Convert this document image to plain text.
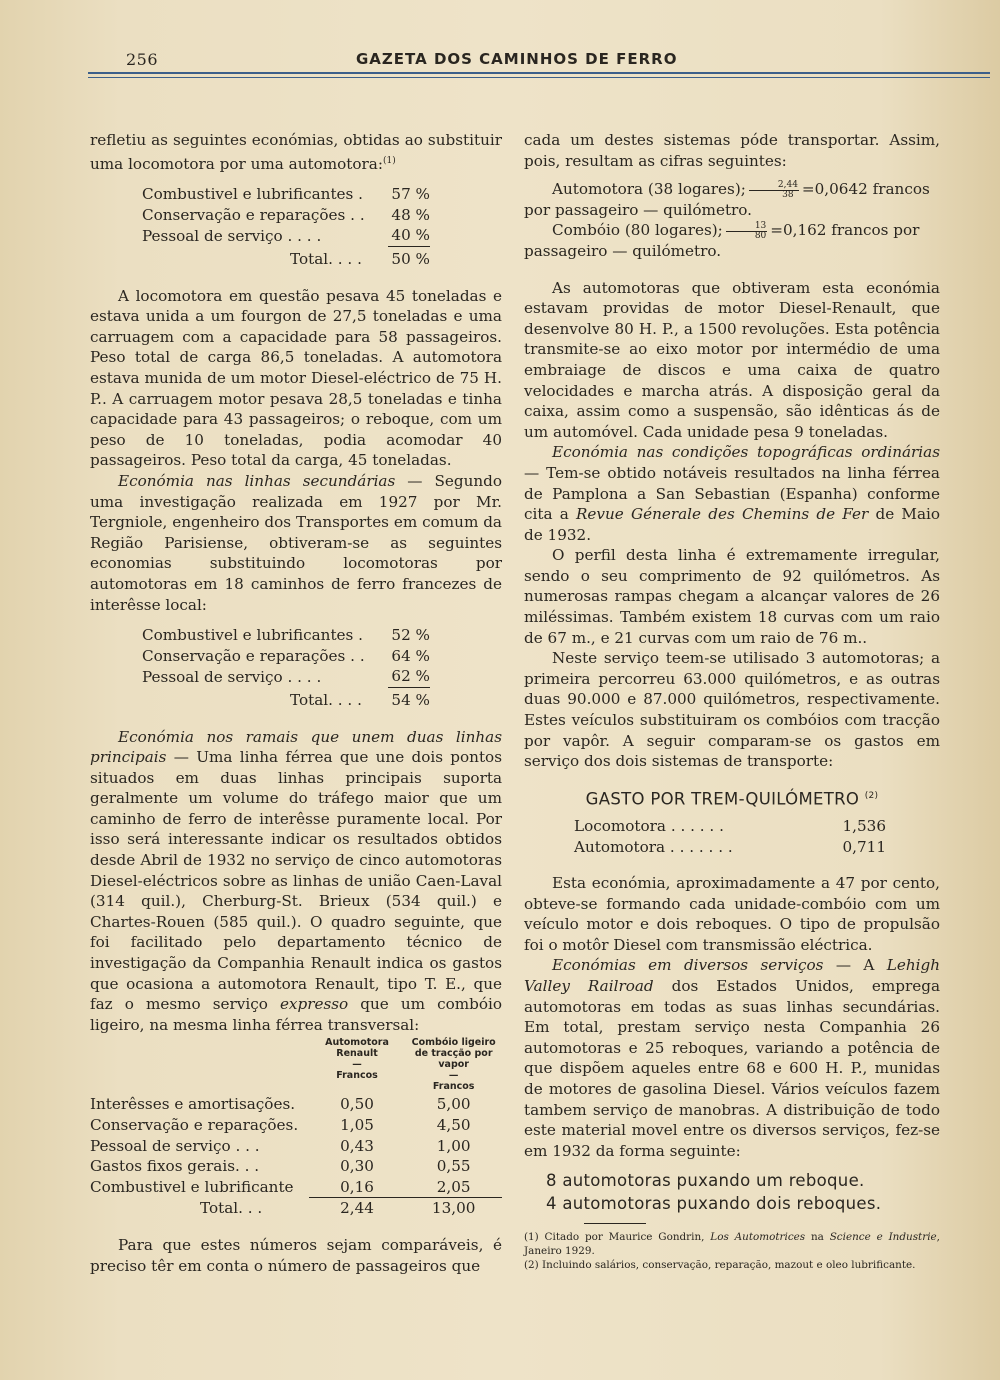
256	GAZETA DOS CAMINHOS DE FERRO

refletiu as seguintes económias, obtidas ao substituir uma locomotora por uma automotora:$^{(1)}$

Combustivel e lubrificantes .	57 %
Conservação e reparações . .	48 %
Pessoal de serviço . . . .	40 %
Total. . . .	50 %

A locomotora em questão pesava 45 toneladas e estava unida a um fourgon de 27,5 toneladas e uma carruagem com a capacidade para 58 passageiros. Peso total de carga 86,5 toneladas. A automotora estava munida de um motor Diesel-eléctrico de 75 H. P.. A carruagem motor pesava 28,5 toneladas e tinha capacidade para 43 passageiros; o reboque, com um peso de 10 toneladas, podia acomodar 40 passageiros. Peso total da carga, 45 toneladas.

Económia nas linhas secundárias — Segundo uma investigação realizada em 1927 por Mr. Tergniole, engenheiro dos Transportes em comum da Região Parisiense, obtiveram-se as seguintes economias substituindo locomotoras por automotoras em 18 caminhos de ferro francezes de interêsse local:

Combustivel e lubrificantes .	52 %
Conservação e reparações . .	64 %
Pessoal de serviço . . . .	62 %
Total. . . .	54 %

Económia nos ramais que unem duas linhas principais — Uma linha férrea que une dois pontos situados em duas linhas principais suporta geralmente um volume do tráfego maior que um caminho de ferro de interêsse puramente local. Por isso será interessante indicar os resultados obtidos desde Abril de 1932 no serviço de cinco automotoras Diesel-eléctricos sobre as linhas de união Caen-Laval (314 quil.), Cherburg-St. Brieux (534 quil.) e Chartes-Rouen (585 quil.). O quadro seguinte, que foi facilitado pelo departamento técnico de investigação da Companhia Renault indica os gastos que ocasiona a automotora Renault, tipo T. E., que faz o mesmo serviço expresso que um combóio ligeiro, na mesma linha férrea transversal:

	Automotora Renault
—
Francos	Combóio ligeiro de tracção por vapor
—
Francos
Interêsses e amortisações.	0,50	5,00
Conservação e reparações.	1,05	4,50
Pessoal de serviço . . .	0,43	1,00
Gastos fixos gerais. . .	0,30	0,55
Combustivel e lubrificante	0,16	2,05
Total. . .	2,44	13,00

Para que estes números sejam comparáveis, é preciso têr em conta o número de passageiros que

cada um destes sistemas póde transportar. Assim, pois, resultam as cifras seguintes:

Automotora (38 logares); $\frac{2,44}{38} =0,0642$ francos

por passageiro — quilómetro.

Combóio (80 logares); $\frac{13}{80} =0,162$ francos por

passageiro — quilómetro.

As automotoras que obtiveram esta económia estavam providas de motor Diesel-Renault, que desenvolve 80 H. P., a 1500 revoluções. Esta potência transmite-se ao eixo motor por intermédio de uma embraiage de discos e uma caixa de quatro velocidades e marcha atrás. A disposição geral da caixa, assim como a suspensão, são idênticas ás de um automóvel. Cada unidade pesa 9 toneladas.

Económia nas condições topográficas ordinárias — Tem-se obtido notáveis resultados na linha férrea de Pamplona a San Sebastian (Espanha) conforme cita a Revue Génerale des Chemins de Fer de Maio de 1932.

O perfil desta linha é extremamente irregular, sendo o seu comprimento de 92 quilómetros. As numerosas rampas chegam a alcançar valores de 26 miléssimas. Também existem 18 curvas com um raio de 67 m., e 21 curvas com um raio de 76 m..

Neste serviço teem-se utilisado 3 automotoras; a primeira percorreu 63.000 quilómetros, e as outras duas 90.000 e 87.000 quilómetros, respectivamente. Estes veículos substituiram os combóios com tracção por vapôr. A seguir comparam-se os gastos em serviço dos dois sistemas de transporte:

GASTO POR TREM-QUILÓMETRO $^{(2)}$

Locomotora . . . . . .	1,536
Automotora . . . . . . .	0,711

Esta económia, aproximadamente a 47 por cento, obteve-se formando cada unidade-combóio com um veículo motor e dois reboques. O tipo de propulsão foi o motôr Diesel com transmissão eléctrica.

Económias em diversos serviços — A Lehigh Valley Railroad dos Estados Unidos, emprega automotoras em todas as suas linhas secundárias. Em total, prestam serviço nesta Companhia 26 automotoras e 25 reboques, variando a potência de que dispõem aqueles entre 68 e 600 H. P., munidas de motores de gasolina Diesel. Vários veículos fazem tambem serviço de manobras. A distribuição de todo este material movel entre os diversos serviços, fez-se em 1932 da forma seguinte:

8 automotoras puxando um reboque.

4 automotoras puxando dois reboques.

(1) Citado por Maurice Gondrin, Los Automotrices na Science e Industrie, Janeiro 1929.

(2) Incluindo salários, conservação, reparação, mazout e oleo lubrificante.
